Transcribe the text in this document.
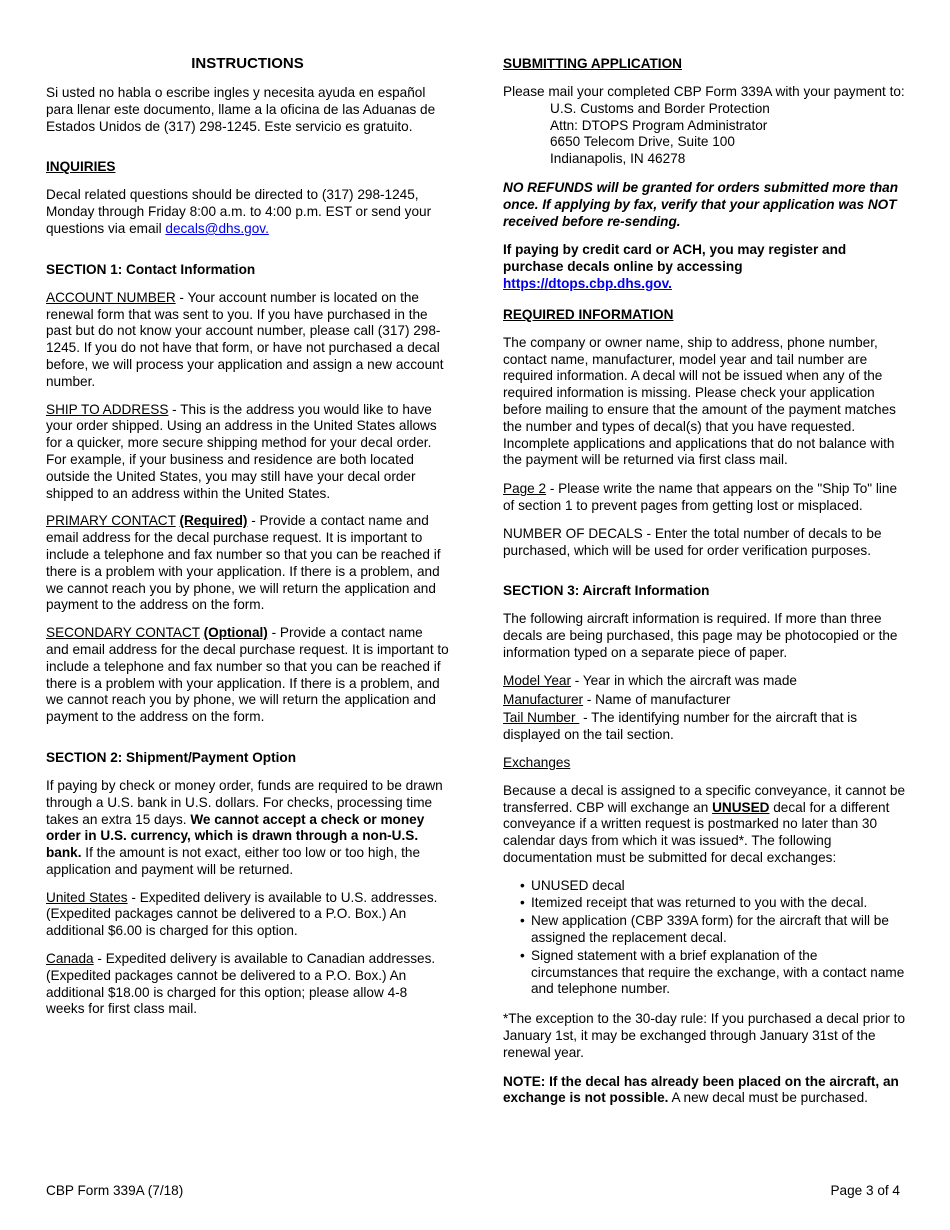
INSTRUCTIONS

Si usted no habla o escribe ingles y necesita ayuda en español para llenar este documento, llame a la oficina de las Aduanas de Estados Unidos de (317) 298-1245. Este servicio es gratuito.

INQUIRIES

Decal related questions should be directed to (317) 298-1245, Monday through Friday 8:00 a.m. to 4:00 p.m. EST or send your questions via email decals@dhs.gov.

SECTION 1: Contact Information

ACCOUNT NUMBER - Your account number is located on the renewal form that was sent to you. If you have purchased in the past but do not know your account number, please call (317) 298-1245. If you do not have that form, or have not purchased a decal before, we will process your application and assign a new account number.

SHIP TO ADDRESS - This is the address you would like to have your order shipped. Using an address in the United States allows for a quicker, more secure shipping method for your decal order. For example, if your business and residence are both located outside the United States, you may still have your decal order shipped to an address within the United States.

PRIMARY CONTACT (Required) - Provide a contact name and email address for the decal purchase request. It is important to include a telephone and fax number so that you can be reached if there is a problem with your application. If there is a problem, and we cannot reach you by phone, we will return the application and payment to the address on the form.

SECONDARY CONTACT (Optional) - Provide a contact name and email address for the decal purchase request. It is important to include a telephone and fax number so that you can be reached if there is a problem with your application. If there is a problem, and we cannot reach you by phone, we will return the application and payment to the address on the form.

SECTION 2: Shipment/Payment Option

If paying by check or money order, funds are required to be drawn through a U.S. bank in U.S. dollars. For checks, processing time takes an extra 15 days. We cannot accept a check or money order in U.S. currency, which is drawn through a non-U.S. bank. If the amount is not exact, either too low or too high, the application and payment will be returned.

United States - Expedited delivery is available to U.S. addresses. (Expedited packages cannot be delivered to a P.O. Box.) An additional $6.00 is charged for this option.

Canada - Expedited delivery is available to Canadian addresses. (Expedited packages cannot be delivered to a P.O. Box.) An additional $18.00 is charged for this option; please allow 4-8 weeks for first class mail.

SUBMITTING APPLICATION

Please mail your completed CBP Form 339A with your payment to:

U.S. Customs and Border Protection
Attn: DTOPS Program Administrator
6650 Telecom Drive, Suite 100
Indianapolis, IN 46278

NO REFUNDS will be granted for orders submitted more than once. If applying by fax, verify that your application was NOT received before re-sending.

If paying by credit card or ACH, you may register and purchase decals online by accessing https://dtops.cbp.dhs.gov.

REQUIRED INFORMATION

The company or owner name, ship to address, phone number, contact name, manufacturer, model year and tail number are required information. A decal will not be issued when any of the required information is missing. Please check your application before mailing to ensure that the amount of the payment matches the number and types of decal(s) that you have requested. Incomplete applications and applications that do not balance with the payment will be returned via first class mail.

Page 2 - Please write the name that appears on the "Ship To" line of section 1 to prevent pages from getting lost or misplaced.

NUMBER OF DECALS - Enter the total number of decals to be purchased, which will be used for order verification purposes.

SECTION 3: Aircraft Information

The following aircraft information is required. If more than three decals are being purchased, this page may be photocopied or the information typed on a separate piece of paper.

Model Year - Year in which the aircraft was made

Manufacturer - Name of manufacturer

Tail Number  - The identifying number for the aircraft that is displayed on the tail section.

Exchanges

Because a decal is assigned to a specific conveyance, it cannot be transferred. CBP will exchange an UNUSED decal for a different conveyance if a written request is postmarked no later than 30 calendar days from which it was issued*. The following documentation must be submitted for decal exchanges:

• UNUSED decal
• Itemized receipt that was returned to you with the decal.
• New application (CBP 339A form) for the aircraft that will be assigned the replacement decal.
• Signed statement with a brief explanation of the circumstances that require the exchange, with a contact name and telephone number.

*The exception to the 30-day rule: If you purchased a decal prior to January 1st, it may be exchanged through January 31st of the renewal year.

NOTE: If the decal has already been placed on the aircraft, an exchange is not possible. A new decal must be purchased.

CBP Form 339A (7/18)	Page 3 of 4
